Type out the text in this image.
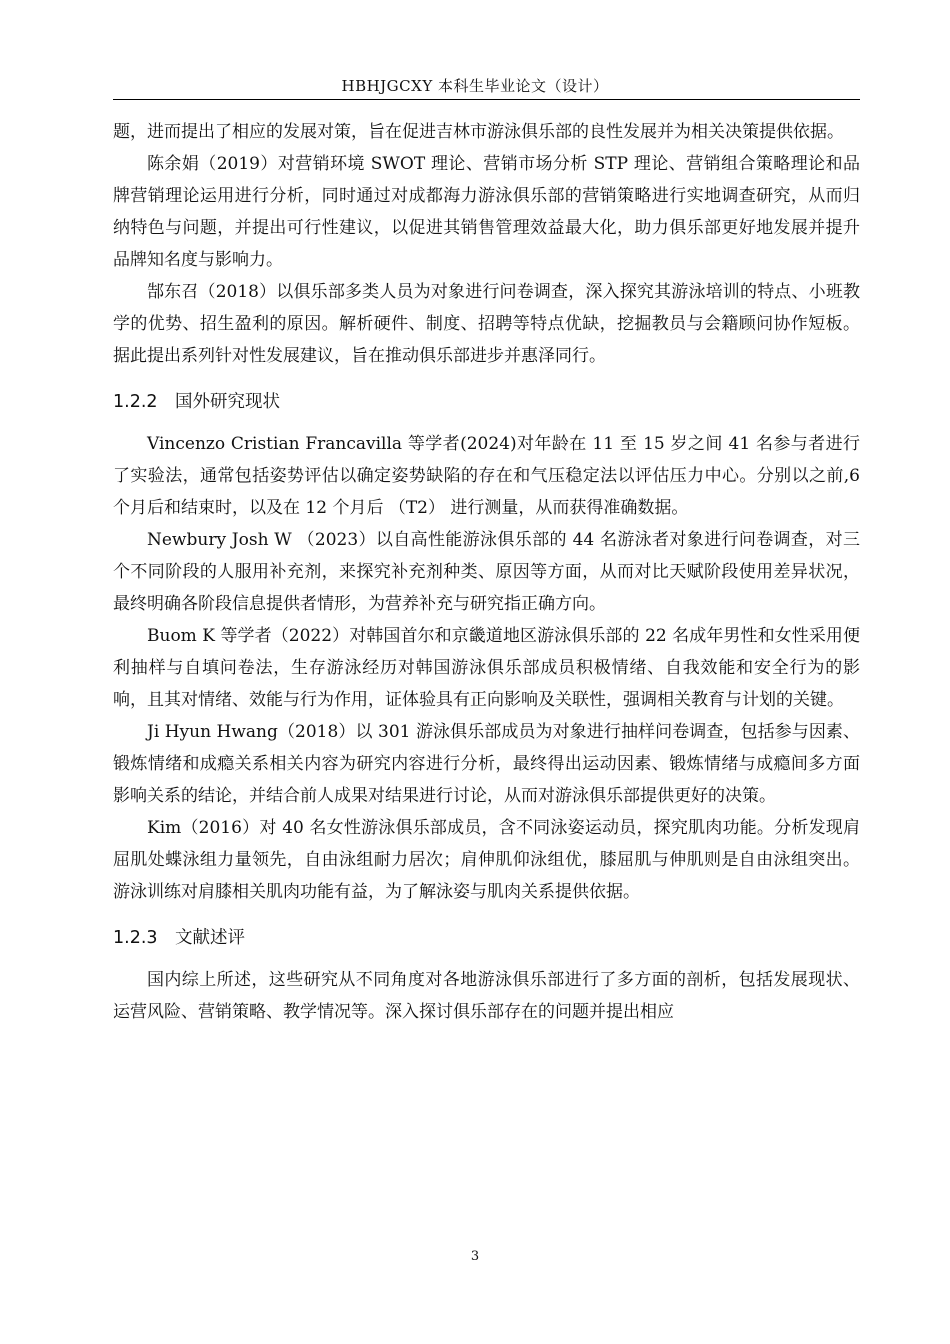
HBHJGCXY 本科生毕业论文（设计）

题，进而提出了相应的发展对策，旨在促进吉林市游泳俱乐部的良性发展并为相关决策提供依据。

陈余娟（2019）对营销环境 SWOT 理论、营销市场分析 STP 理论、营销组合策略理论和品牌营销理论运用进行分析，同时通过对成都海力游泳俱乐部的营销策略进行实地调查研究，从而归纳特色与问题，并提出可行性建议，以促进其销售管理效益最大化，助力俱乐部更好地发展并提升品牌知名度与影响力。

郜东召（2018）以俱乐部多类人员为对象进行问卷调查，深入探究其游泳培训的特点、小班教学的优势、招生盈利的原因。解析硬件、制度、招聘等特点优缺，挖掘教员与会籍顾问协作短板。据此提出系列针对性发展建议，旨在推动俱乐部进步并惠泽同行。

1.2.2 国外研究现状

Vincenzo Cristian Francavilla 等学者(2024)对年龄在 11 至 15 岁之间 41 名参与者进行了实验法，通常包括姿势评估以确定姿势缺陷的存在和气压稳定法以评估压力中心。分别以之前,6 个月后和结束时，以及在 12 个月后 （T2） 进行测量，从而获得准确数据。

Newbury Josh W （2023）以自高性能游泳俱乐部的 44 名游泳者对象进行问卷调查，对三个不同阶段的人服用补充剂，来探究补充剂种类、原因等方面，从而对比天赋阶段使用差异状况，最终明确各阶段信息提供者情形，为营养补充与研究指正确方向。

Buom K 等学者（2022）对韩国首尔和京畿道地区游泳俱乐部的 22 名成年男性和女性采用便利抽样与自填问卷法，生存游泳经历对韩国游泳俱乐部成员积极情绪、自我效能和安全行为的影响，且其对情绪、效能与行为作用，证体验具有正向影响及关联性，强调相关教育与计划的关键。

Ji Hyun Hwang（2018）以 301 游泳俱乐部成员为对象进行抽样问卷调查，包括参与因素、锻炼情绪和成瘾关系相关内容为研究内容进行分析，最终得出运动因素、锻炼情绪与成瘾间多方面影响关系的结论，并结合前人成果对结果进行讨论，从而对游泳俱乐部提供更好的决策。

Kim（2016）对 40 名女性游泳俱乐部成员，含不同泳姿运动员，探究肌肉功能。分析发现肩屈肌处蝶泳组力量领先，自由泳组耐力居次；肩伸肌仰泳组优，膝屈肌与伸肌则是自由泳组突出。游泳训练对肩膝相关肌肉功能有益，为了解泳姿与肌肉关系提供依据。

1.2.3 文献述评

国内综上所述，这些研究从不同角度对各地游泳俱乐部进行了多方面的剖析，包括发展现状、运营风险、营销策略、教学情况等。深入探讨俱乐部存在的问题并提出相应

3
